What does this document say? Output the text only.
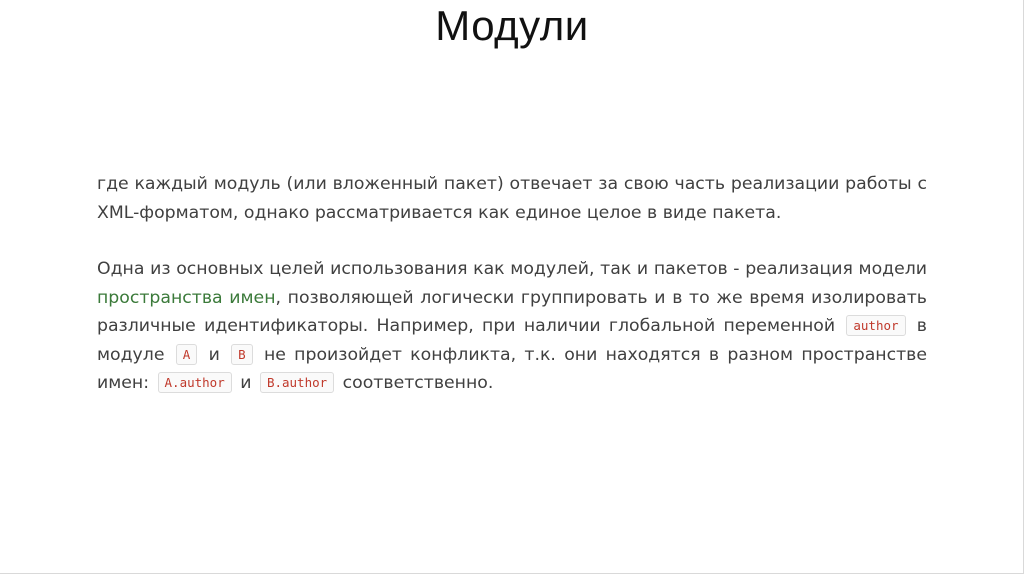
Модули

где каждый модуль (или вложенный пакет) отвечает за свою часть реализации работы с XML-форматом, однако рассматривается как единое целое в виде пакета.

Одна из основных целей использования как модулей, так и пакетов - реализация модели пространства имен, позволяющей логически группировать и в то же время изолировать различные идентификаторы. Например, при наличии глобальной переменной author в модуле A и B не произойдет конфликта, т.к. они находятся в разном пространстве имен: A.author и B.author соответственно.
